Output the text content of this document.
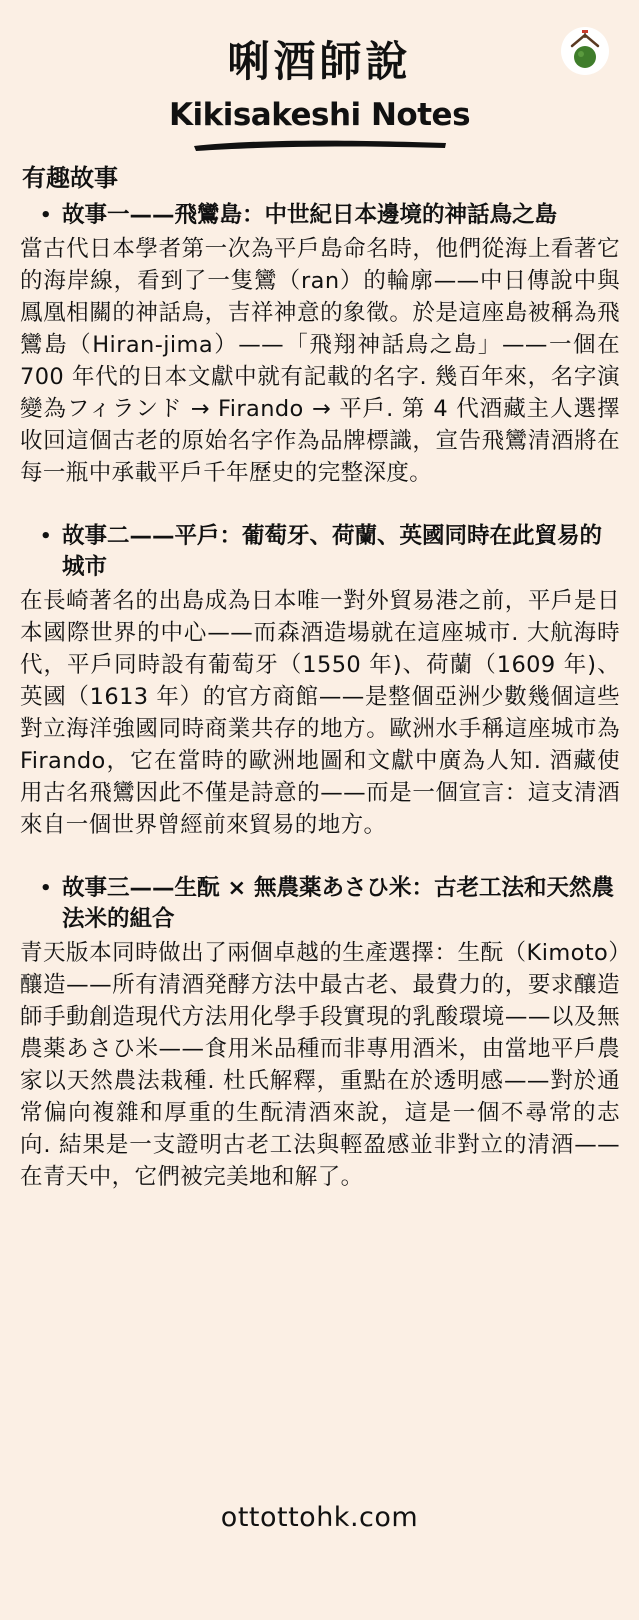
唎酒師說
Kikisakeshi Notes
有趣故事
• 故事一——飛鸞島：中世紀日本邊境的神話鳥之島

當古代日本學者第一次為平戶島命名時，他們從海上看著它的海岸線，看到了一隻鸞（ran）的輪廓——中日傳說中與鳳凰相關的神話鳥，吉祥神意的象徵。於是這座島被稱為飛鸞島（Hiran-jima）——「飛翔神話鳥之島」——一個在 700 年代的日本文獻中就有記載的名字. 幾百年來，名字演變為フィランド → Firando → 平戶. 第 4 代酒藏主人選擇收回這個古老的原始名字作為品牌標識，宣告飛鸞清酒將在每一瓶中承載平戶千年歷史的完整深度。

• 故事二——平戶：葡萄牙、荷蘭、英國同時在此貿易的城市

在長崎著名的出島成為日本唯一對外貿易港之前，平戶是日本國際世界的中心——而森酒造場就在這座城市. 大航海時代，平戶同時設有葡萄牙（1550 年)、荷蘭（1609 年)、英國（1613 年）的官方商館——是整個亞洲少數幾個這些對立海洋強國同時商業共存的地方。歐洲水手稱這座城市為 Firando，它在當時的歐洲地圖和文獻中廣為人知. 酒藏使用古名飛鸞因此不僅是詩意的——而是一個宣言：這支清酒來自一個世界曾經前來貿易的地方。

• 故事三——生酛 × 無農薬あさひ米：古老工法和天然農法米的組合

青天版本同時做出了兩個卓越的生產選擇：生酛（Kimoto）釀造——所有清酒発酵方法中最古老、最費力的，要求釀造師手動創造現代方法用化學手段實現的乳酸環境——以及無農薬あさひ米——食用米品種而非專用酒米，由當地平戶農家以天然農法栽種. 杜氏解釋，重點在於透明感——對於通常偏向複雜和厚重的生酛清酒來說，這是一個不尋常的志向. 結果是一支證明古老工法與輕盈感並非對立的清酒——在青天中，它們被完美地和解了。

ottottohk.com
